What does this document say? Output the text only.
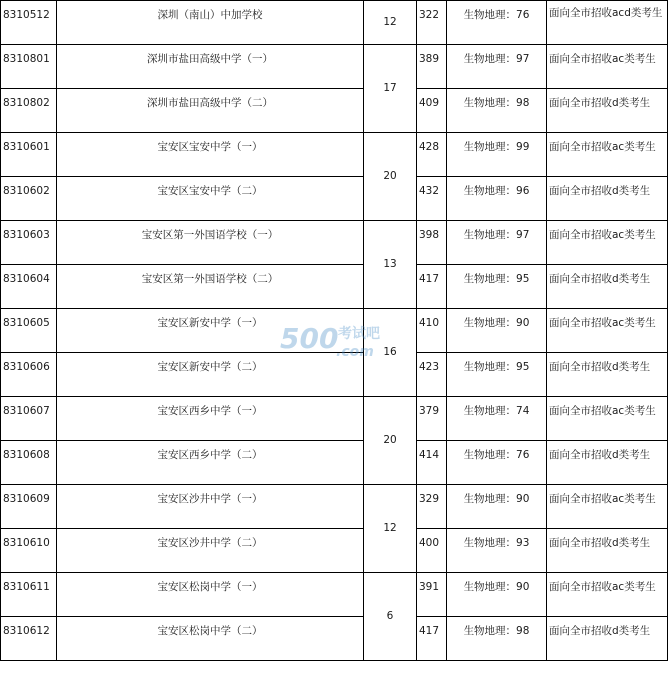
8310512	深圳（南山）中加学校	12	322	生物地理：76	面向全市招收acd类考生
8310801	深圳市盐田高级中学（一）	17	389	生物地理：97	面向全市招收ac类考生
8310802	深圳市盐田高级中学（二）		409	生物地理：98	面向全市招收d类考生
8310601	宝安区宝安中学（一）	20	428	生物地理：99	面向全市招收ac类考生
8310602	宝安区宝安中学（二）		432	生物地理：96	面向全市招收d类考生
8310603	宝安区第一外国语学校（一）	13	398	生物地理：97	面向全市招收ac类考生
8310604	宝安区第一外国语学校（二）		417	生物地理：95	面向全市招收d类考生
8310605	宝安区新安中学（一）	16	410	生物地理：90	面向全市招收ac类考生
8310606	宝安区新安中学（二）		423	生物地理：95	面向全市招收d类考生
8310607	宝安区西乡中学（一）	20	379	生物地理：74	面向全市招收ac类考生
8310608	宝安区西乡中学（二）		414	生物地理：76	面向全市招收d类考生
8310609	宝安区沙井中学（一）	12	329	生物地理：90	面向全市招收ac类考生
8310610	宝安区沙井中学（二）		400	生物地理：93	面向全市招收d类考生
8310611	宝安区松岗中学（一）	6	391	生物地理：90	面向全市招收ac类考生
8310612	宝安区松岗中学（二）		417	生物地理：98	面向全市招收d类考生
500 考试吧
.com
